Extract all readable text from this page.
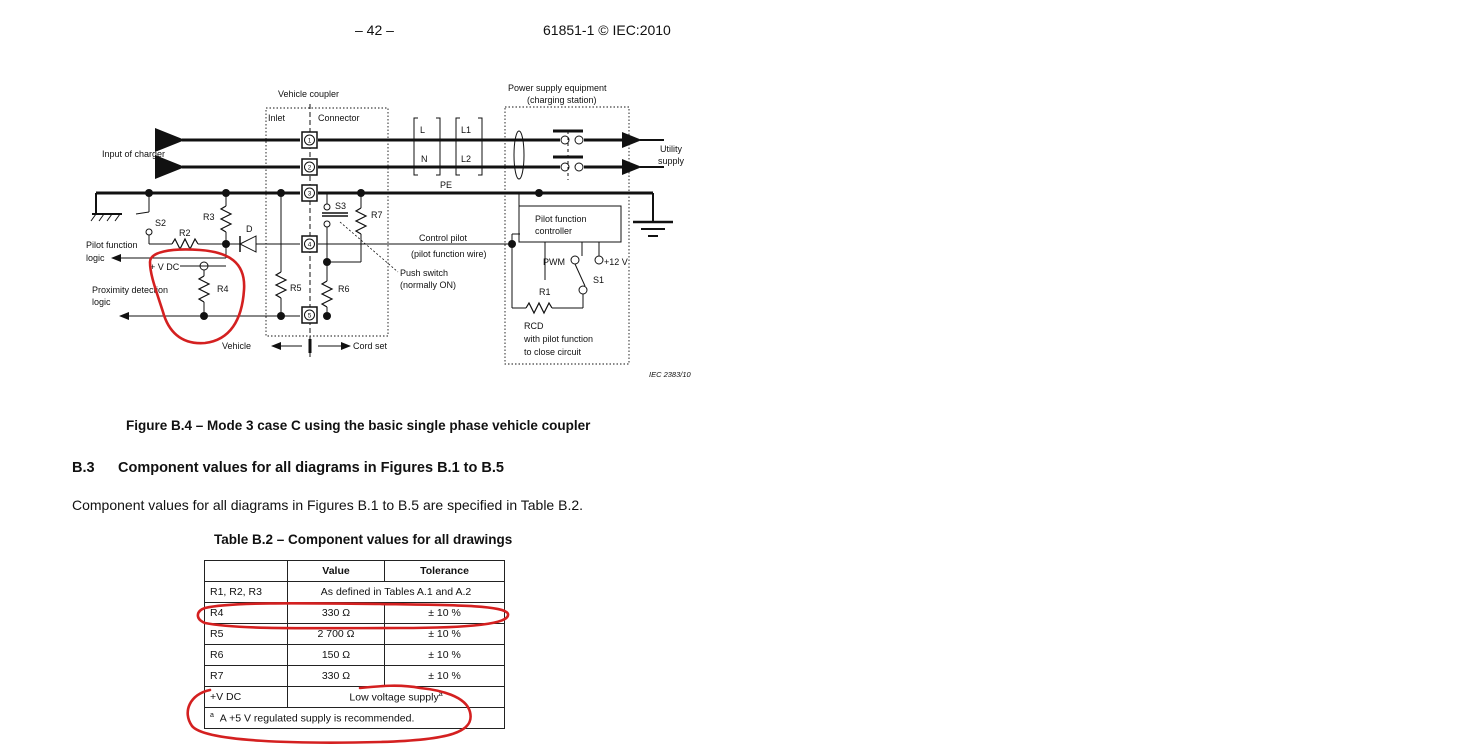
– 42 –	61851-1 © IEC:2010
Vehicle coupler
Inlet	Connector
Power supply equipment
(charging station)
Input of charger	Utility
supply
L
N
L1
L2
PE
S2
S3
R2
R3
R4	R5	R6
R7
D
Pilot function
logic
+ V DC
Proximity detection
logic
Control pilot
(pilot function wire)
Push switch
(normally ON)
Pilot function
controller
PWM	+12 V
S1
R1
RCD
with pilot function
to close circuit
Vehicle	Cord set
1
2
3
4
5
IEC 2383/10
Figure B.4 – Mode 3 case C using the basic single phase vehicle coupler
B.3 Component values for all diagrams in Figures B.1 to B.5
Component values for all diagrams in Figures B.1 to B.5 are specified in Table B.2.
Table B.2 – Component values for all drawings
	Value	Tolerance
R1, R2, R3	As defined in Tables A.1 and A.2	
R4	330 Ω	± 10 %
R5	2 700 Ω	± 10 %
R6	150 Ω	± 10 %
R7	330 Ω	± 10 %
+V DC	Low voltage supply$^a$
$^a$ A +5 V regulated supply is recommended.		
